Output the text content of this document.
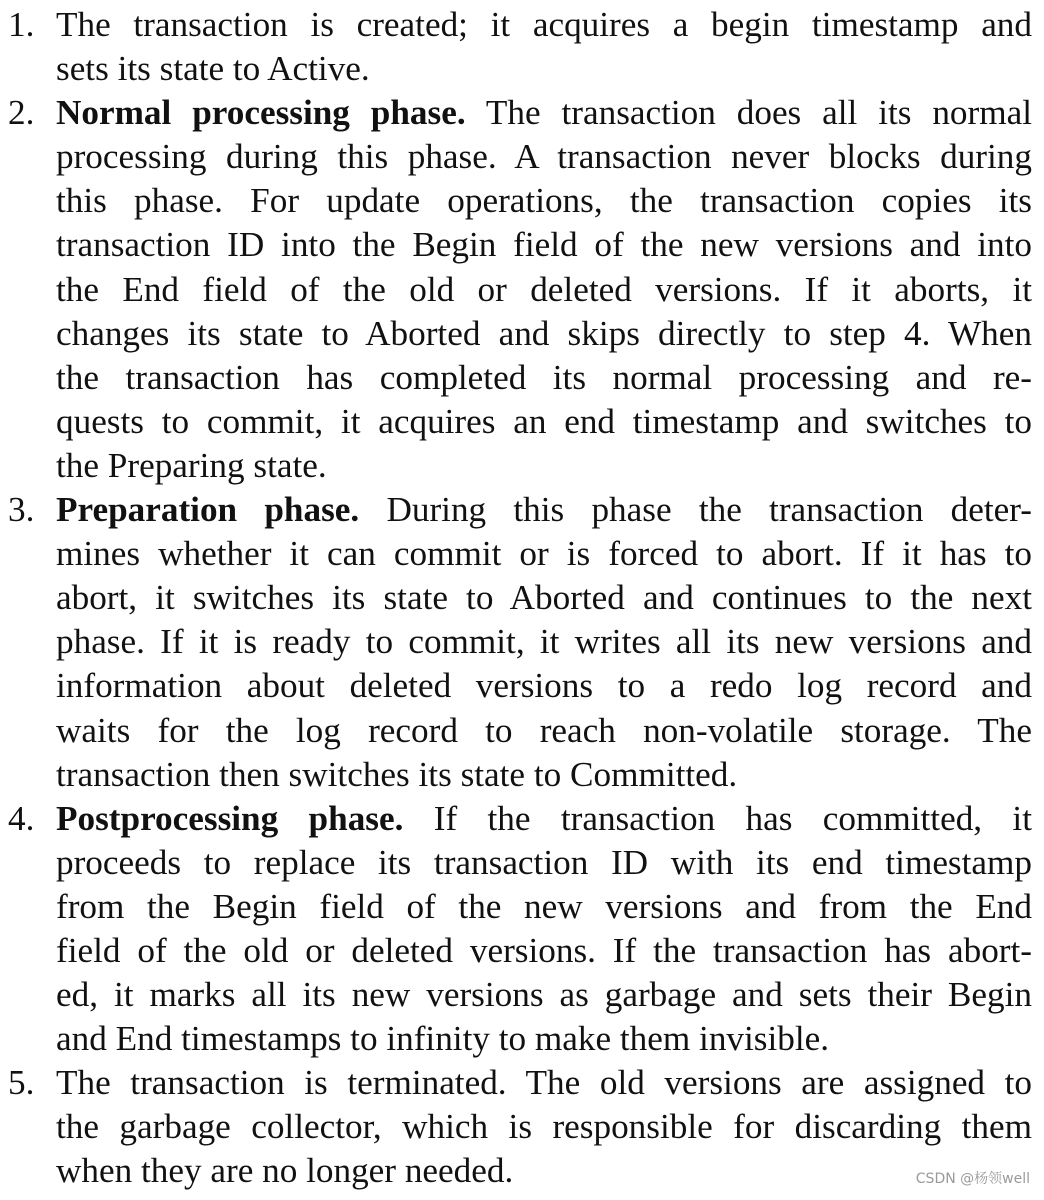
1. The transaction is created; it acquires a begin timestamp and
sets its state to Active.
2. Normal processing phase. The transaction does all its normal
processing during this phase. A transaction never blocks during
this phase. For update operations, the transaction copies its
transaction ID into the Begin field of the new versions and into
the End field of the old or deleted versions. If it aborts, it
changes its state to Aborted and skips directly to step 4. When
the transaction has completed its normal processing and re-
quests to commit, it acquires an end timestamp and switches to
the Preparing state.
3. Preparation phase. During this phase the transaction deter-
mines whether it can commit or is forced to abort. If it has to
abort, it switches its state to Aborted and continues to the next
phase. If it is ready to commit, it writes all its new versions and
information about deleted versions to a redo log record and
waits for the log record to reach non-volatile storage. The
transaction then switches its state to Committed.
4. Postprocessing phase. If the transaction has committed, it
proceeds to replace its transaction ID with its end timestamp
from the Begin field of the new versions and from the End
field of the old or deleted versions. If the transaction has abort-
ed, it marks all its new versions as garbage and sets their Begin
and End timestamps to infinity to make them invisible.
5. The transaction is terminated. The old versions are assigned to
the garbage collector, which is responsible for discarding them
when they are no longer needed.	CSDN @杨领well
